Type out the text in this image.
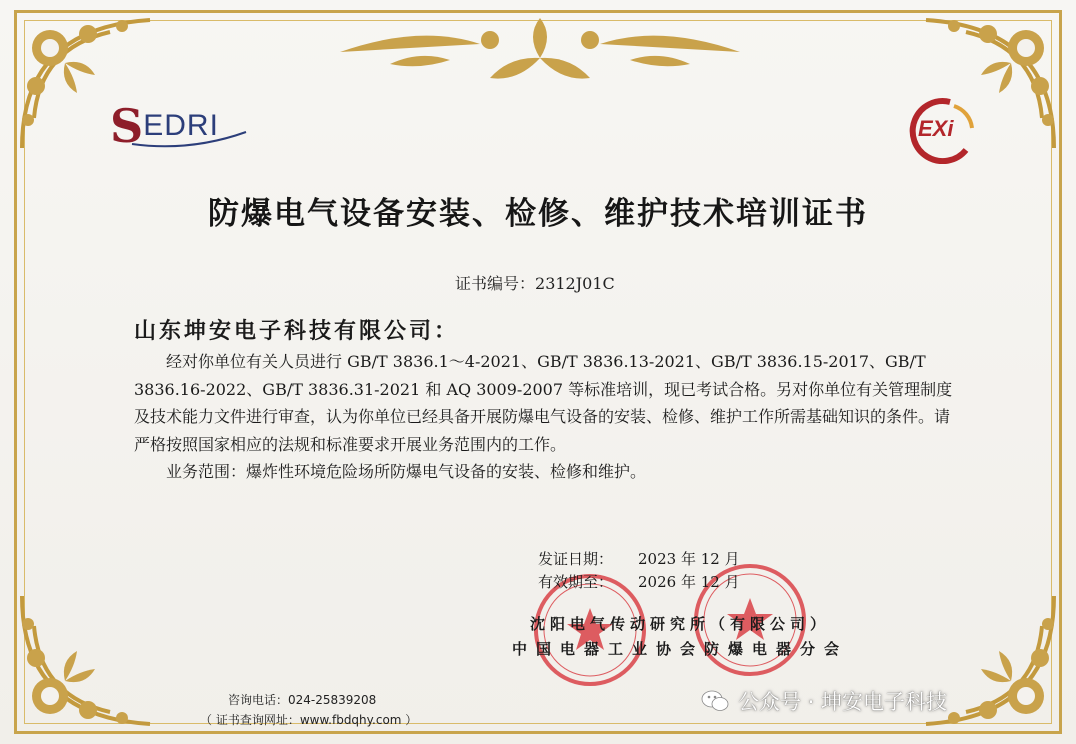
S EDRI	EXi
防爆电气设备安装、检修、维护技术培训证书
证书编号：2312J01C
山东坤安电子科技有限公司：

经对你单位有关人员进行 GB/T 3836.1～4-2021、GB/T 3836.13-2021、GB/T 3836.15-2017、GB/T 3836.16-2022、GB/T 3836.31-2021 和 AQ 3009-2007 等标准培训，现已考试合格。另对你单位有关管理制度及技术能力文件进行审查，认为你单位已经具备开展防爆电气设备的安装、检修、维护工作所需基础知识的条件。请严格按照国家相应的法规和标准要求开展业务范围内的工作。

业务范围：爆炸性环境危险场所防爆电气设备的安装、检修和维护。

发证日期：	2023 年 12 月
有效期至：	2026 年 12 月
沈阳电气传动研究所（有限公司）
中国电器工业协会防爆电器分会
咨询电话：024-25839208
（ 证书查询网址：www.fbdqhy.com ）
公众号 · 坤安电子科技
